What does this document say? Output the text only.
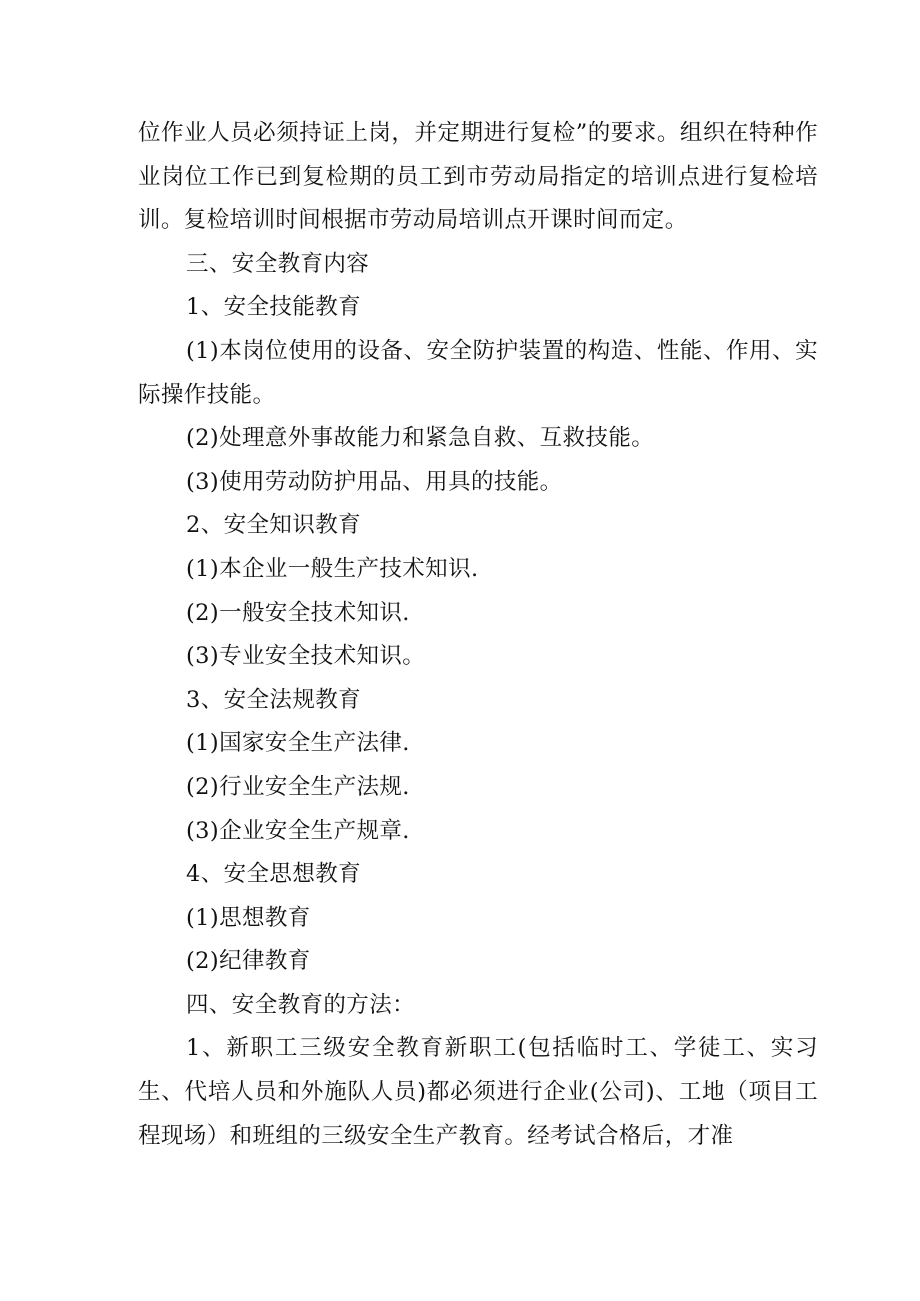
位作业人员必须持证上岗，并定期进行复检”的要求。组织在特种作业岗位工作已到复检期的员工到市劳动局指定的培训点进行复检培训。复检培训时间根据市劳动局培训点开课时间而定。

三、安全教育内容

1、安全技能教育

(1)本岗位使用的设备、安全防护装置的构造、性能、作用、实际操作技能。

(2)处理意外事故能力和紧急自救、互救技能。

(3)使用劳动防护用品、用具的技能。

2、安全知识教育

(1)本企业一般生产技术知识.

(2)一般安全技术知识.

(3)专业安全技术知识。

3、安全法规教育

(1)国家安全生产法律.

(2)行业安全生产法规.

(3)企业安全生产规章.

4、安全思想教育

(1)思想教育

(2)纪律教育

四、安全教育的方法：

1、新职工三级安全教育新职工(包括临时工、学徒工、实习生、代培人员和外施队人员)都必须进行企业(公司)、工地（项目工程现场）和班组的三级安全生产教育。经考试合格后，才准
